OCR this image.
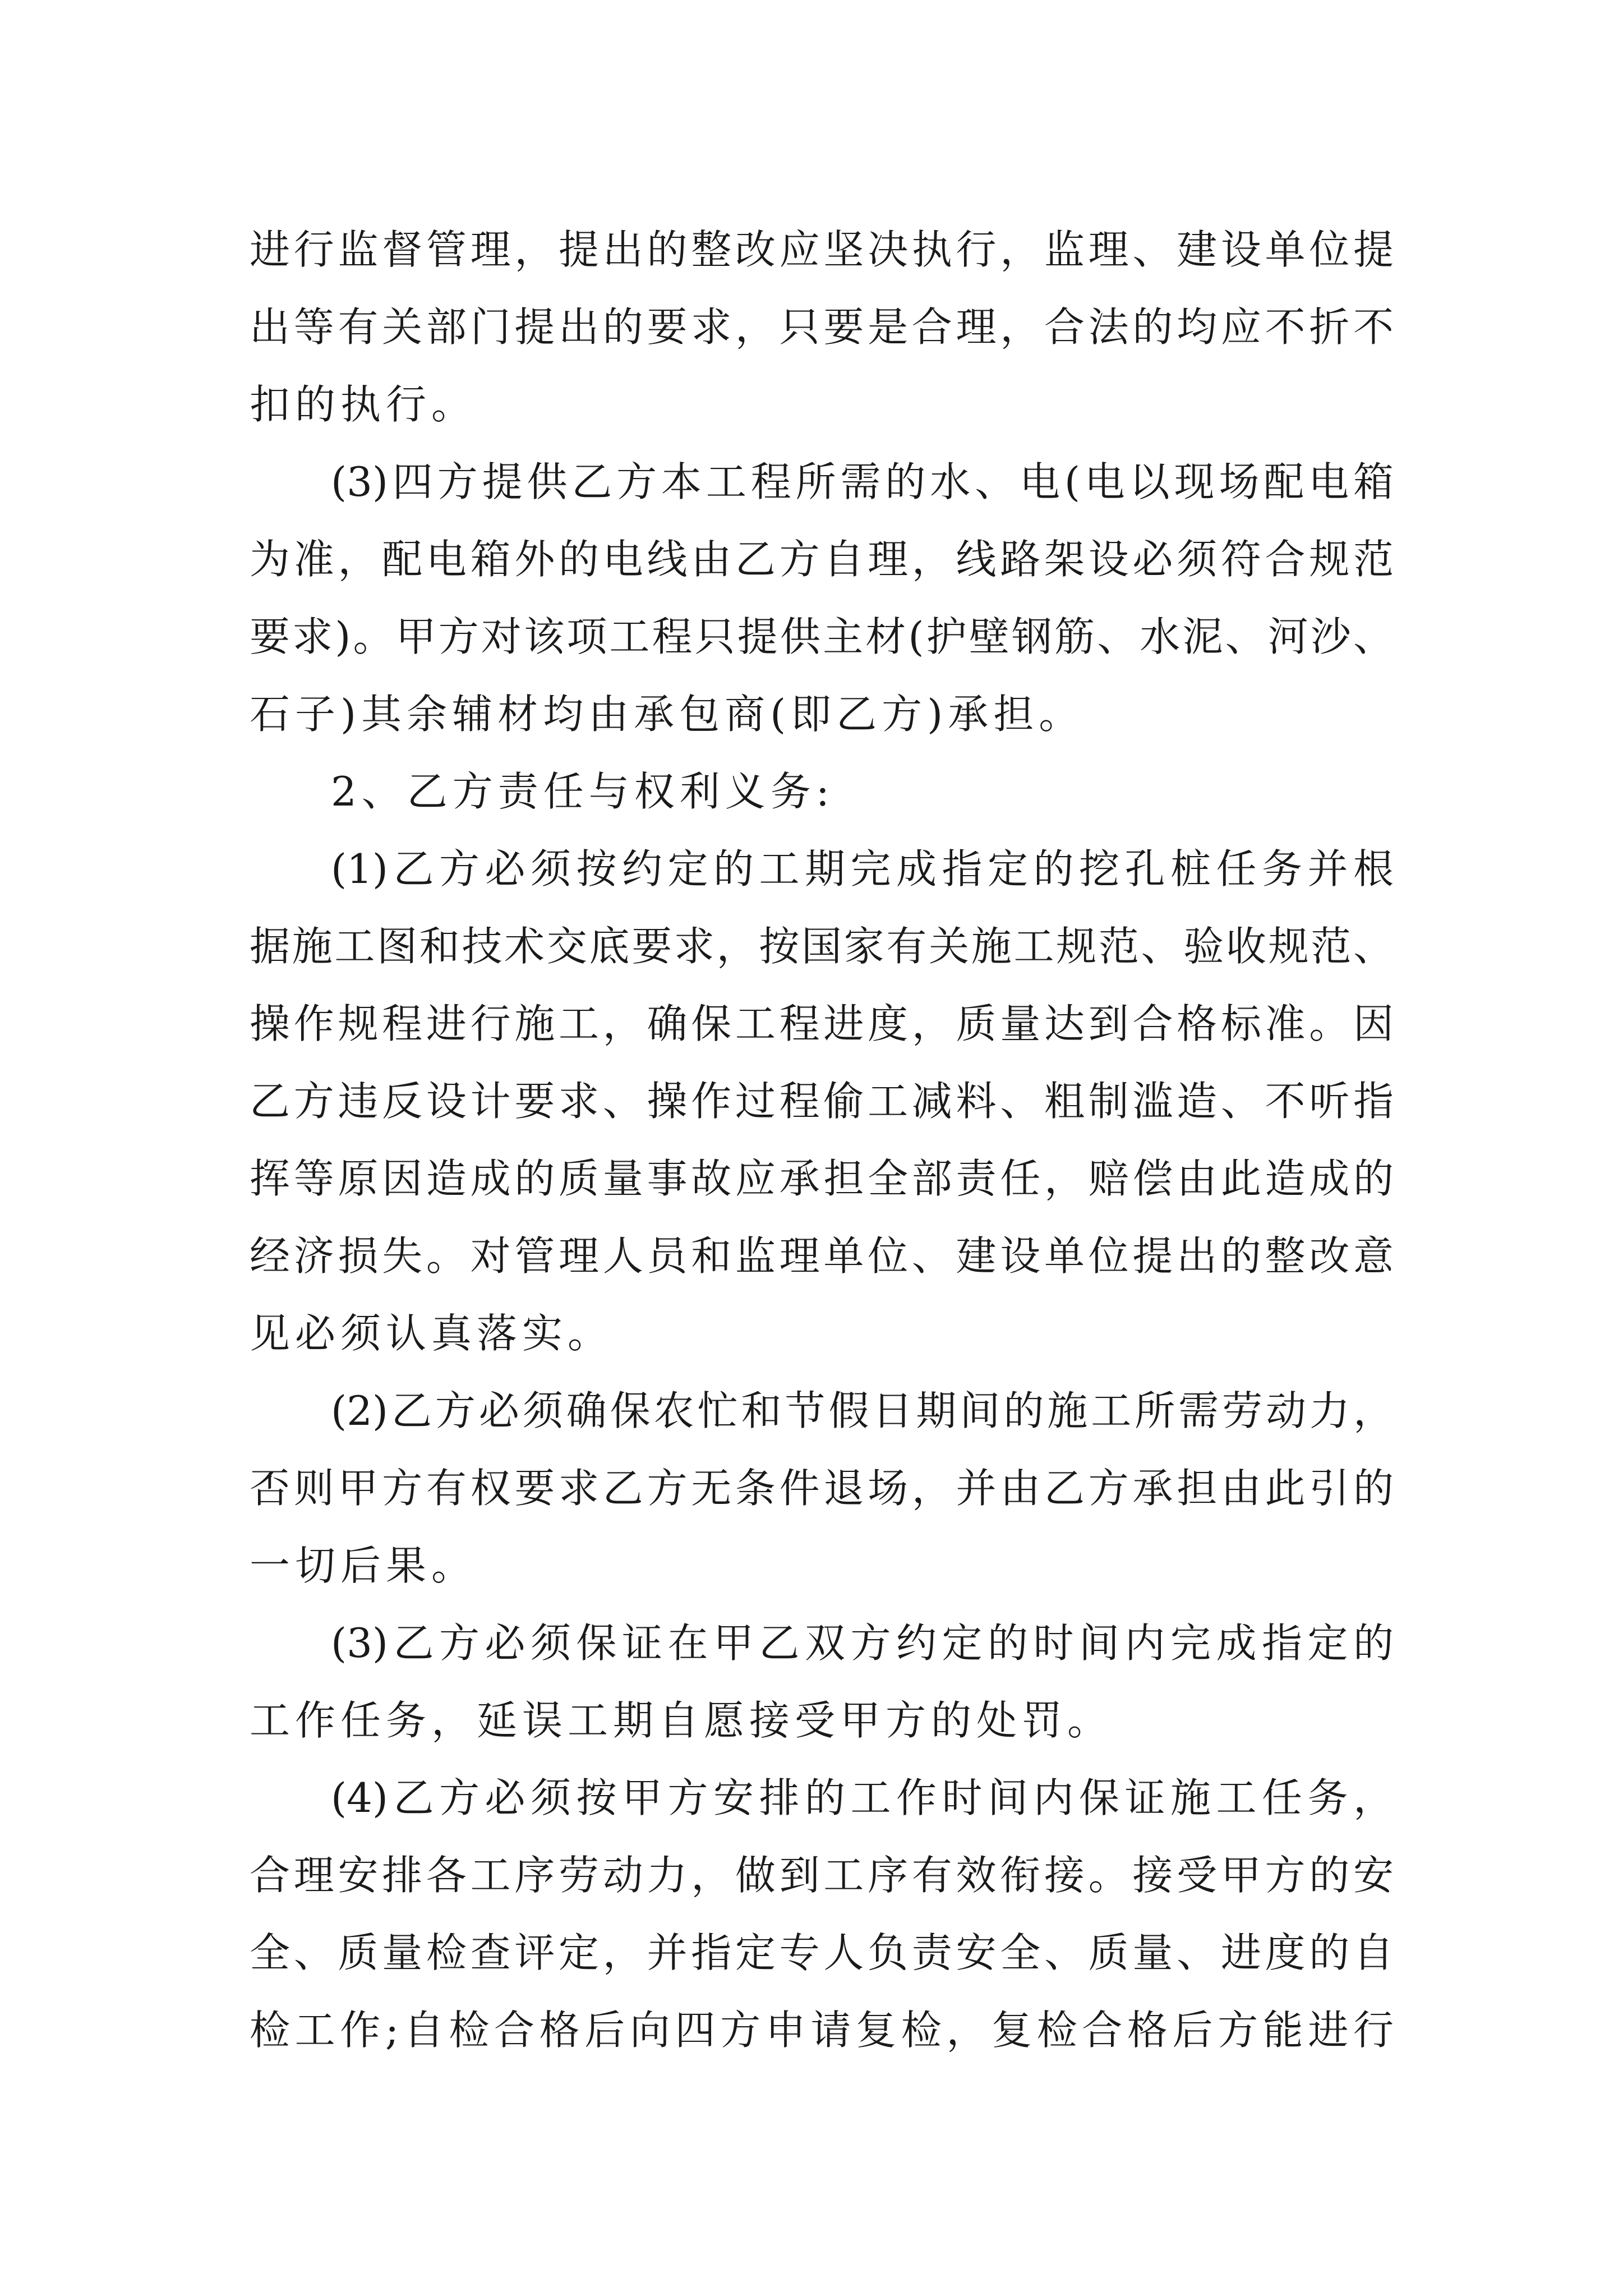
进行监督管理，提出的整改应坚决执行，监理、建设单位提
出等有关部门提出的要求，只要是合理，合法的均应不折不
扣的执行。
(3)四方提供乙方本工程所需的水、电(电以现场配电箱
为准，配电箱外的电线由乙方自理，线路架设必须符合规范
要求)。甲方对该项工程只提供主材(护壁钢筋、水泥、河沙、
石子)其余辅材均由承包商(即乙方)承担。
2、乙方责任与权利义务:
(1)乙方必须按约定的工期完成指定的挖孔桩任务并根
据施工图和技术交底要求，按国家有关施工规范、验收规范、
操作规程进行施工，确保工程进度，质量达到合格标准。因
乙方违反设计要求、操作过程偷工减料、粗制滥造、不听指
挥等原因造成的质量事故应承担全部责任，赔偿由此造成的
经济损失。对管理人员和监理单位、建设单位提出的整改意
见必须认真落实。
(2)乙方必须确保农忙和节假日期间的施工所需劳动力，
否则甲方有权要求乙方无条件退场，并由乙方承担由此引的
一切后果。
(3)乙方必须保证在甲乙双方约定的时间内完成指定的
工作任务，延误工期自愿接受甲方的处罚。
(4)乙方必须按甲方安排的工作时间内保证施工任务，
合理安排各工序劳动力，做到工序有效衔接。接受甲方的安
全、质量检查评定，并指定专人负责安全、质量、进度的自
检工作;自检合格后向四方申请复检，复检合格后方能进行
